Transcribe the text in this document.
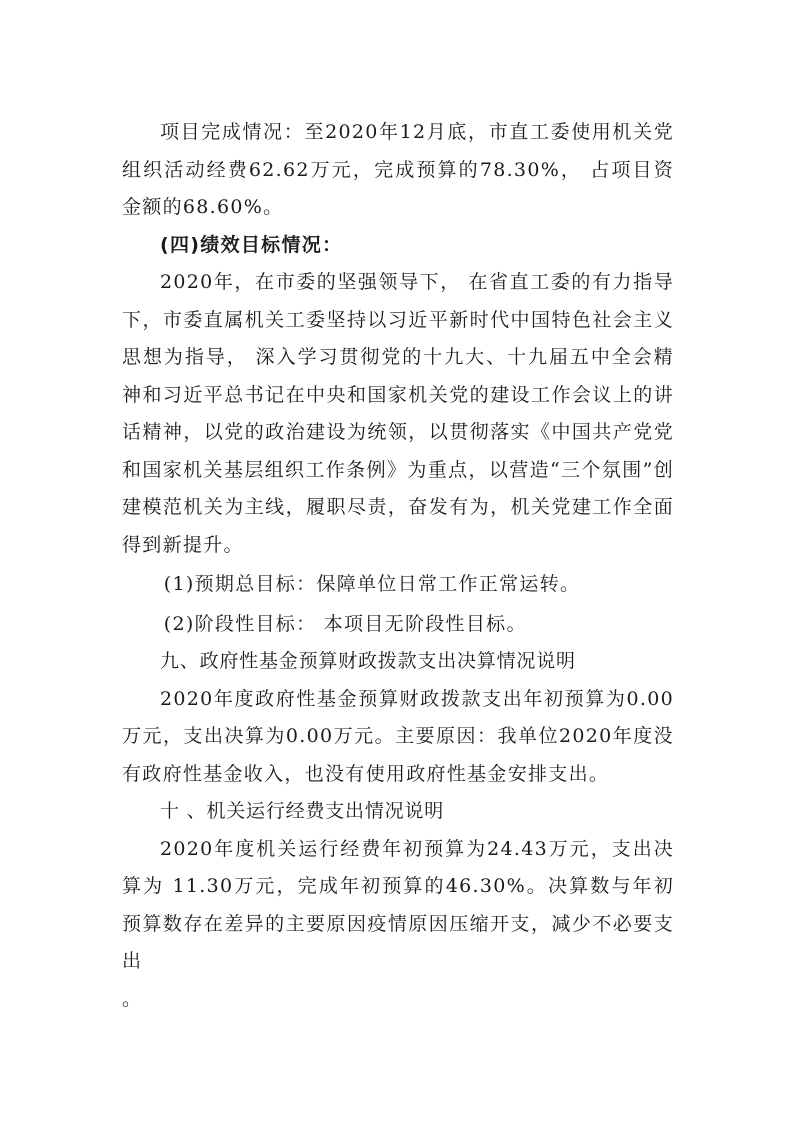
项目完成情况：至2020年12月底，市直工委使用机关党组织活动经费62.62万元，完成预算的78.30%， 占项目资金额的68.60%。

(四)绩效目标情况：

2020年，在市委的坚强领导下， 在省直工委的有力指导下，市委直属机关工委坚持以习近平新时代中国特色社会主义思想为指导， 深入学习贯彻党的十九大、十九届五中全会精神和习近平总书记在中央和国家机关党的建设工作会议上的讲话精神，以党的政治建设为统领，以贯彻落实《中国共产党党和国家机关基层组织工作条例》为重点，以营造“三个氛围”创建模范机关为主线，履职尽责，奋发有为，机关党建工作全面得到新提升。

(1)预期总目标：保障单位日常工作正常运转。

(2)阶段性目标： 本项目无阶段性目标。

九、政府性基金预算财政拨款支出决算情况说明

2020年度政府性基金预算财政拨款支出年初预算为0.00万元，支出决算为0.00万元。主要原因：我单位2020年度没有政府性基金收入，也没有使用政府性基金安排支出。

十 、机关运行经费支出情况说明

2020年度机关运行经费年初预算为24.43万元，支出决算为 11.30万元，完成年初预算的46.30%。决算数与年初预算数存在差异的主要原因疫情原因压缩开支，减少不必要支出

。
